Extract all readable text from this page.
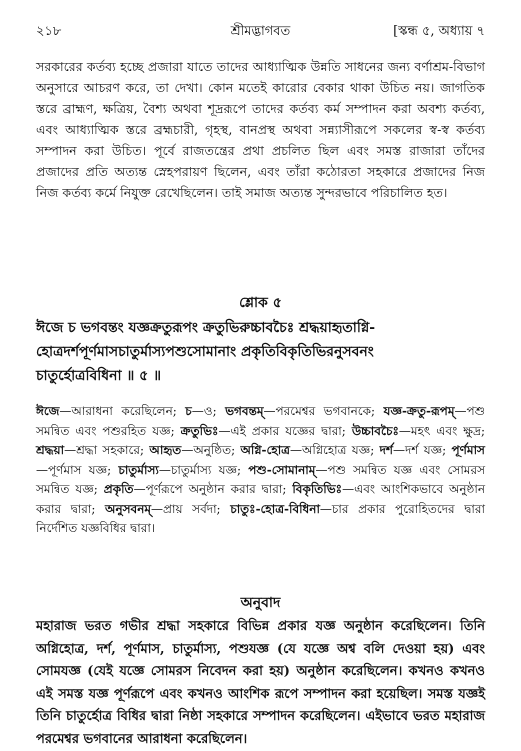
২১৮	শ্রীমদ্ভাগবত	[স্কন্ধ ৫, অধ্যায় ৭
সরকারের কর্তব্য হচ্ছে প্রজারা যাতে তাদের আধ্যাত্মিক উন্নতি সাধনের জন্য বর্ণাশ্রম-বিভাগ অনুসারে আচরণ করে, তা দেখা। কোন মতেই কারোর বেকার থাকা উচিত নয়। জাগতিক স্তরে ব্রাহ্মণ, ক্ষত্রিয়, বৈশ্য অথবা শূদ্ররূপে তাদের কর্তব্য কর্ম সম্পাদন করা অবশ্য কর্তব্য, এবং আধ্যাত্মিক স্তরে ব্রহ্মচারী, গৃহস্থ, বানপ্রস্থ অথবা সন্ন্যাসীরূপে সকলের স্ব-স্ব কর্তব্য সম্পাদন করা উচিত। পূর্বে রাজতন্ত্রের প্রথা প্রচলিত ছিল এবং সমস্ত রাজারা তাঁদের প্রজাদের প্রতি অত্যন্ত স্নেহপরায়ণ ছিলেন, এবং তাঁরা কঠোরতা সহকারে প্রজাদের নিজ নিজ কর্তব্য কর্মে নিযুক্ত রেখেছিলেন। তাই সমাজ অত্যন্ত সুন্দরভাবে পরিচালিত হত।
শ্লোক ৫
ঈজে চ ভগবন্তং যজ্ঞক্রতুরূপং ক্রতুভিরুচ্চাবচৈঃ শ্রদ্ধয়াহৃতাগ্নি-
হোত্রদর্শপূর্ণমাসচাতুর্মাস্যপশুসোমানাং প্রকৃতিবিকৃতিভিরনুসবনং
চাতুর্হোত্রবিধিনা ॥ ৫ ॥
ঈজে—আরাধনা করেছিলেন; চ—ও; ভগবন্তম্—পরমেশ্বর ভগবানকে; যজ্ঞ-ক্রতু-রূপম্—পশু সমন্বিত এবং পশুরহিত যজ্ঞ; ক্রতুভিঃ—এই প্রকার যজ্ঞের দ্বারা; উচ্চাবচৈঃ—মহৎ এবং ক্ষুদ্র; শ্রদ্ধয়া—শ্রদ্ধা সহকারে; আহৃত—অনুষ্ঠিত; অগ্নি-হোত্র—অগ্নিহোত্র যজ্ঞ; দর্শ—দর্শ যজ্ঞ; পূর্ণমাস—পূর্ণমাস যজ্ঞ; চাতুর্মাস্য—চাতুর্মাস্য যজ্ঞ; পশু-সোমানাম্—পশু সমন্বিত যজ্ঞ এবং সোমরস সমন্বিত যজ্ঞ; প্রকৃতি—পূর্ণরূপে অনুষ্ঠান করার দ্বারা; বিকৃতিভিঃ—এবং আংশিকভাবে অনুষ্ঠান করার দ্বারা; অনুসবনম্—প্রায় সর্বদা; চাতুঃ-হোত্র-বিধিনা—চার প্রকার পুরোহিতদের দ্বারা নির্দেশিত যজ্ঞবিধির দ্বারা।
অনুবাদ
মহারাজ ভরত গভীর শ্রদ্ধা সহকারে বিভিন্ন প্রকার যজ্ঞ অনুষ্ঠান করেছিলেন। তিনি অগ্নিহোত্র, দর্শ, পূর্ণমাস, চাতুর্মাস্য, পশুযজ্ঞ (যে যজ্ঞে অশ্ব বলি দেওয়া হয়) এবং সোমযজ্ঞ (যেই যজ্ঞে সোমরস নিবেদন করা হয়) অনুষ্ঠান করেছিলেন। কখনও কখনও এই সমস্ত যজ্ঞ পূর্ণরূপে এবং কখনও আংশিক রূপে সম্পাদন করা হয়েছিল। সমস্ত যজ্ঞই তিনি চাতুর্হোত্র বিধির দ্বারা নিষ্ঠা সহকারে সম্পাদন করেছিলেন। এইভাবে ভরত মহারাজ পরমেশ্বর ভগবানের আরাধনা করেছিলেন।
